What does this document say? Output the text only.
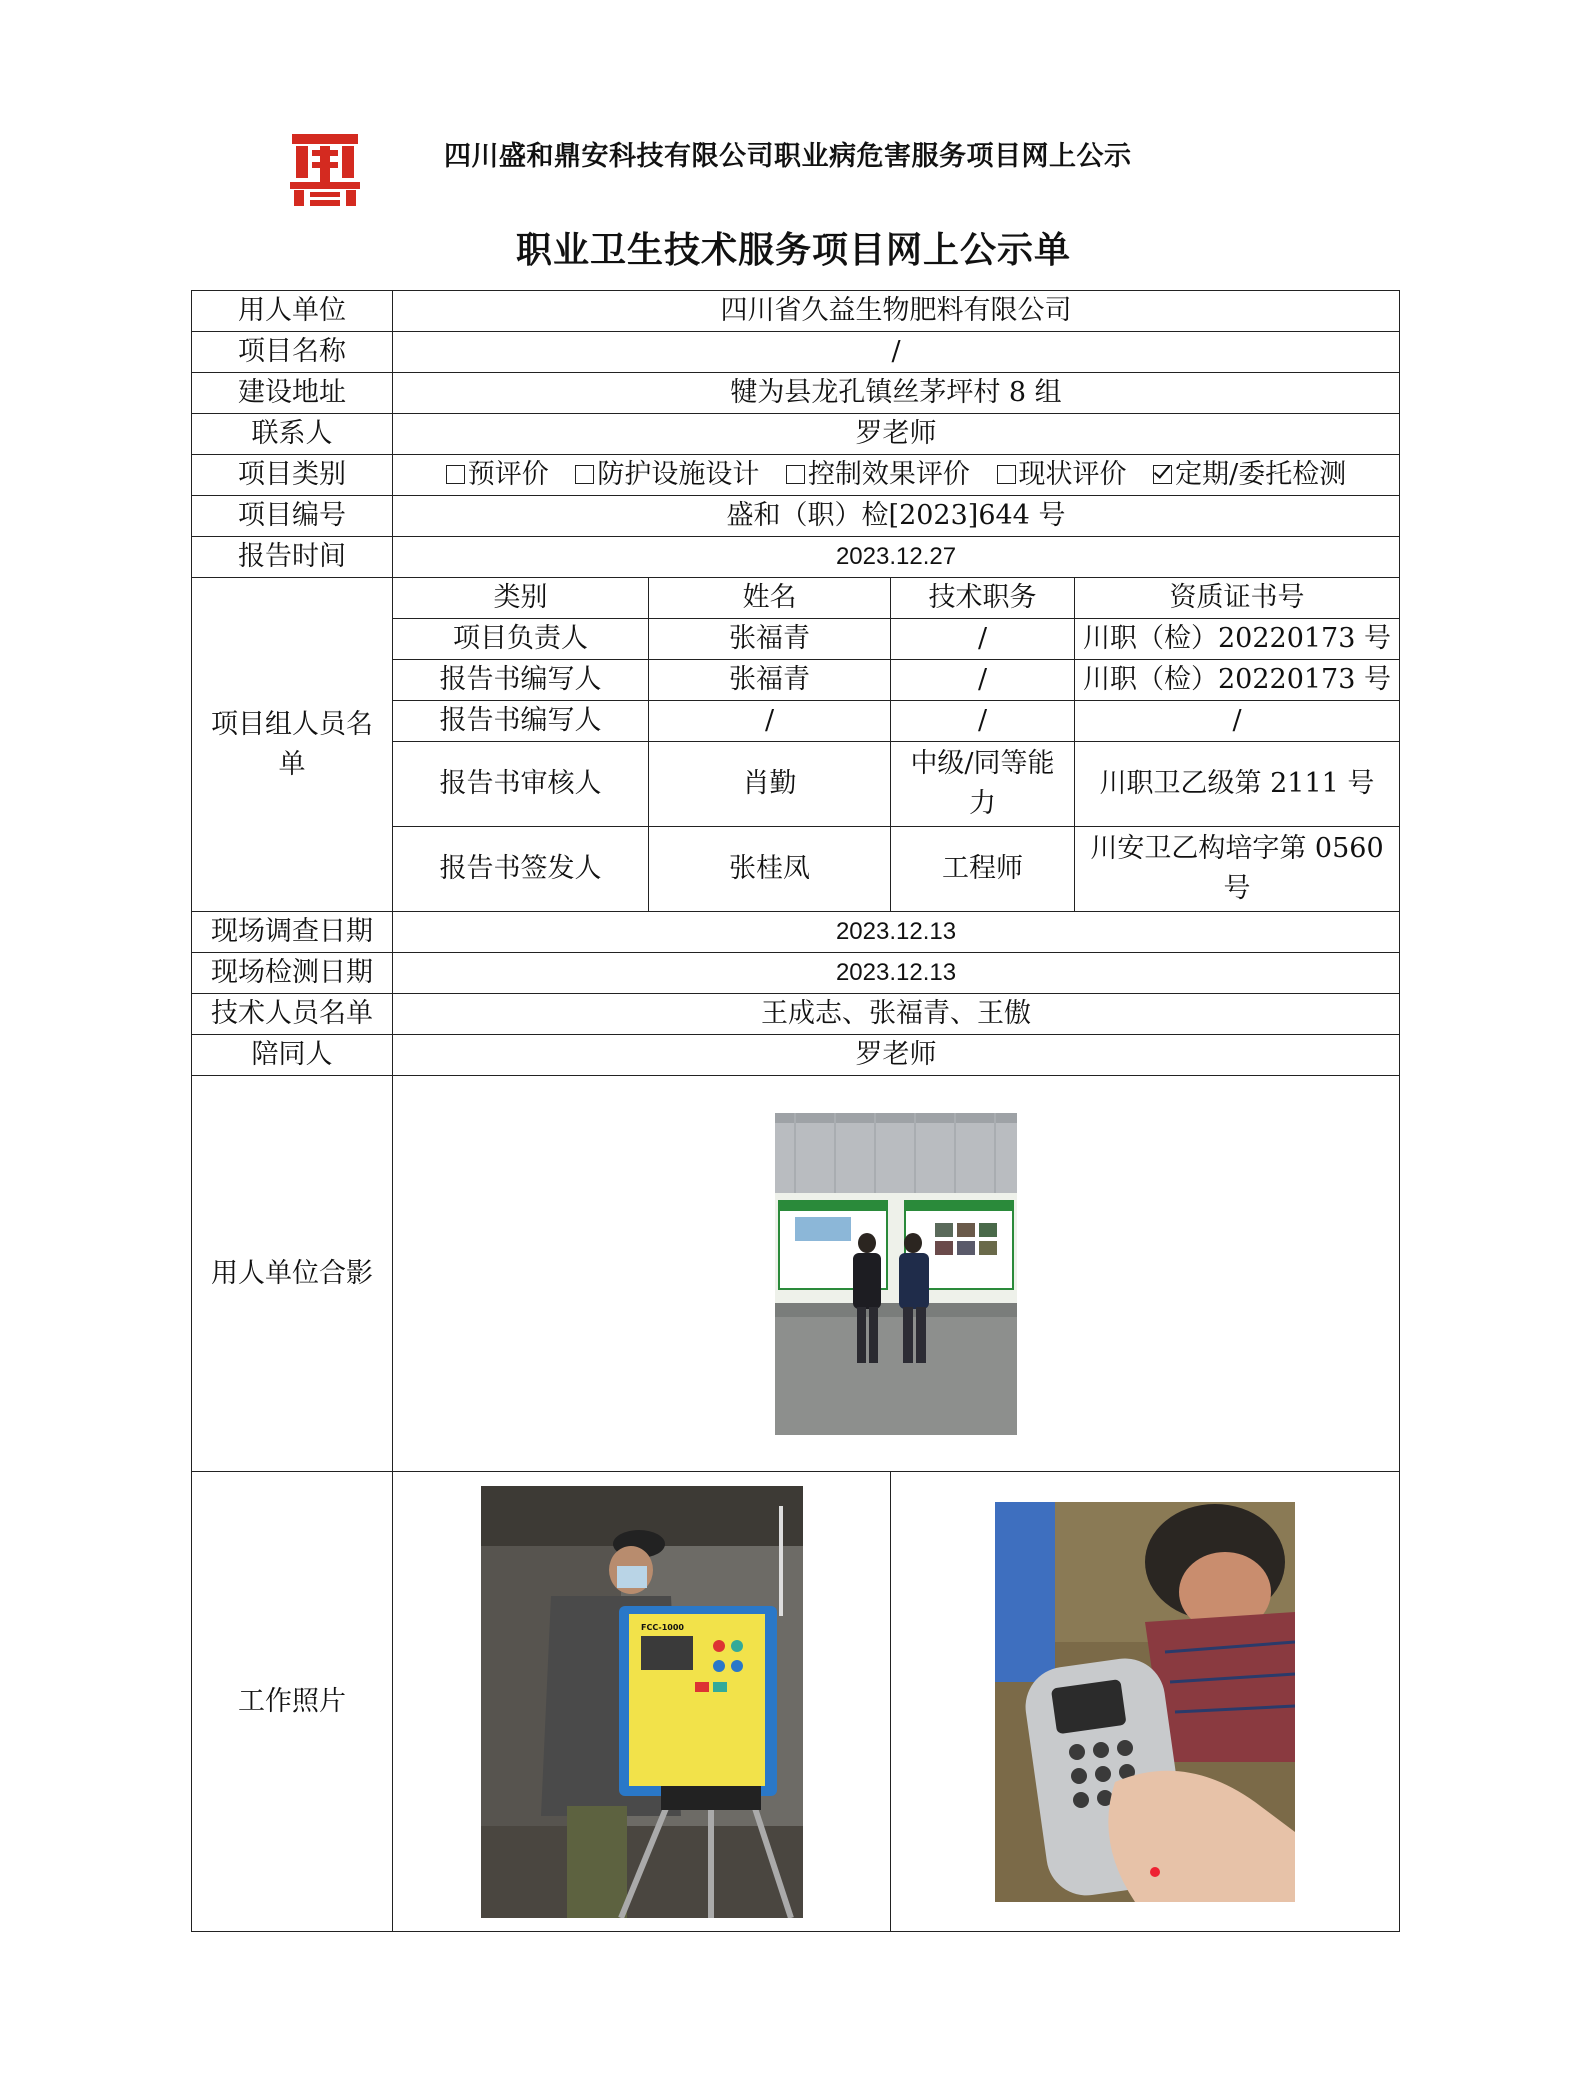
四川盛和鼎安科技有限公司职业病危害服务项目网上公示
职业卫生技术服务项目网上公示单
用人单位	四川省久益生物肥料有限公司			
项目名称	/			
建设地址	犍为县龙孔镇丝茅坪村 8 组			
联系人	罗老师			
项目类别	预评价 防护设施设计 控制效果评价 现状评价 定期/委托检测			
项目编号	盛和（职）检[2023]644 号			
报告时间	2023.12.27			
项目组人员名单	类别	姓名	技术职务	资质证书号
	项目负责人	张福青	/	川职（检）20220173 号
	报告书编写人	张福青	/	川职（检）20220173 号
	报告书编写人	/	/	/
	报告书审核人	肖勤	中级/同等能力	川职卫乙级第 2111 号
	报告书签发人	张桂凤	工程师	川安卫乙构培字第 0560 号
现场调查日期	2023.12.13			
现场检测日期	2023.12.13			
技术人员名单	王成志、张福青、王傲			
陪同人	罗老师			
用人单位合影	

工作照片	FCC-1000
